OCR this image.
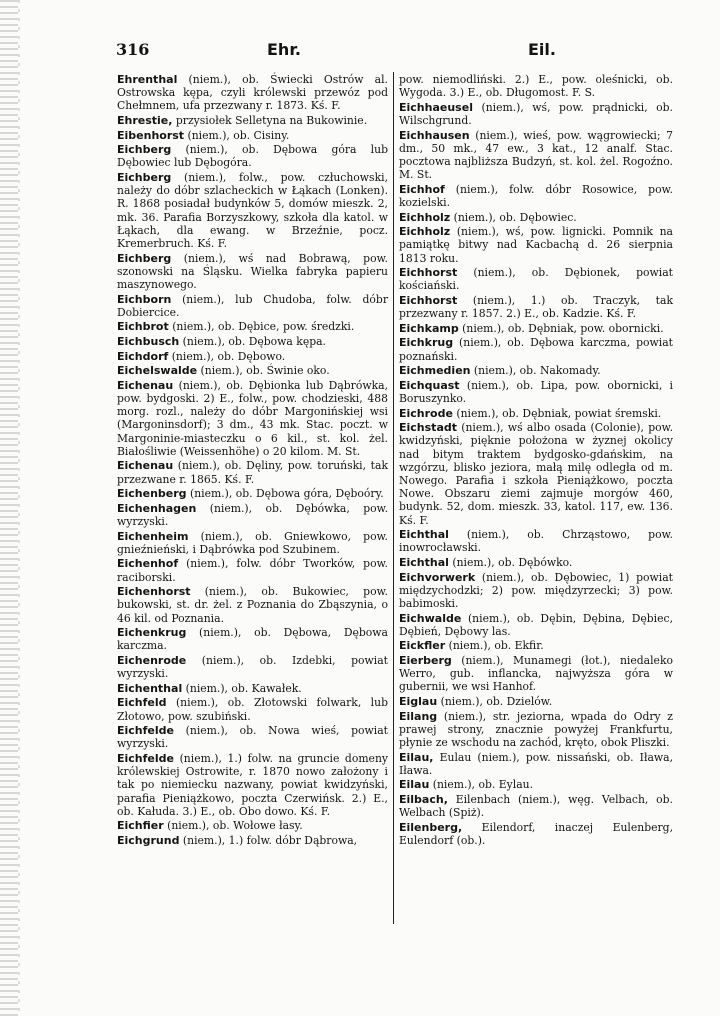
316	Ehr.	Eil.
Ehrenthal (niem.), ob. Świecki Ostrów al. Ostrowska kępa, czyli królewski przewóz pod Chełmnem, ufa przezwany r. 1873. Kś. F.
Ehrestie, przysiołek Selletyna na Bukowinie.
Eibenhorst (niem.), ob. Cisiny.
Eichberg (niem.), ob. Dębowa góra lub Dębowiec lub Dębogóra.
Eichberg (niem.), folw., pow. człuchowski, należy do dóbr szlacheckich w Łąkach (Lonken). R. 1868 posiadał budynków 5, domów mieszk. 2, mk. 36. Parafia Borzyszkowy, szkoła dla katol. w Łąkach, dla ewang. w Brzeźnie, pocz. Kremerbruch. Kś. F.
Eichberg (niem.), wś nad Bobrawą, pow. szonowski na Śląsku. Wielka fabryka papieru maszynowego.
Eichborn (niem.), lub Chudoba, folw. dóbr Dobiercice.
Eichbrot (niem.), ob. Dębice, pow. średzki.
Eichbusch (niem.), ob. Dębowa kępa.
Eichdorf (niem.), ob. Dębowo.
Eichelswalde (niem.), ob. Świnie oko.
Eichenau (niem.), ob. Dębionka lub Dąbrówka, pow. bydgoski. 2) E., folw., pow. chodzieski, 488 morg. rozl., należy do dóbr Margonińskiej wsi (Margoninsdorf); 3 dm., 43 mk. Stac. poczt. w Margoninie-miasteczku o 6 kil., st. kol. żel. Białośliwie (Weissenhöhe) o 20 kilom. M. St.
Eichenau (niem.), ob. Dęliny, pow. toruński, tak przezwane r. 1865. Kś. F.
Eichenberg (niem.), ob. Dębowa góra, Dęboóry.
Eichenhagen (niem.), ob. Dębówka, pow. wyrzyski.
Eichenheim (niem.), ob. Gniewkowo, pow. gnieźnieński, i Dąbrówka pod Szubinem.
Eichenhof (niem.), folw. dóbr Tworków, pow. raciborski.
Eichenhorst (niem.), ob. Bukowiec, pow. bukowski, st. dr. żel. z Poznania do Zbąszynia, o 46 kil. od Poznania.
Eichenkrug (niem.), ob. Dębowa, Dębowa karczma.
Eichenrode (niem.), ob. Izdebki, powiat wyrzyski.
Eichenthal (niem.), ob. Kawałek.
Eichfeld (niem.), ob. Złotowski folwark, lub Złotowo, pow. szubiński.
Eichfelde (niem.), ob. Nowa wieś, powiat wyrzyski.
Eichfelde (niem.), 1.) folw. na gruncie domeny królewskiej Ostrowite, r. 1870 nowo założony i tak po niemiecku nazwany, powiat kwidzyński, parafia Pieniążkowo, poczta Czerwińsk. 2.) E., ob. Kałuda. 3.) E., ob. Obo dowo. Kś. F.
Eichfier (niem.), ob. Wołowe łasy.
Eichgrund (niem.), 1.) folw. dóbr Dąbrowa,
pow. niemodliński. 2.) E., pow. oleśnicki, ob. Wygoda. 3.) E., ob. Długomost. F. S.
Eichhaeusel (niem.), wś, pow. prądnicki, ob. Wilschgrund.
Eichhausen (niem.), wieś, pow. wągrowiecki; 7 dm., 50 mk., 47 ew., 3 kat., 12 analf. Stac. pocztowa najbliższa Budzyń, st. kol. żel. Rogoźno. M. St.
Eichhof (niem.), folw. dóbr Rosowice, pow. kozielski.
Eichholz (niem.), ob. Dębowiec.
Eichholz (niem.), wś, pow. lignicki. Pomnik na pamiątkę bitwy nad Kacbachą d. 26 sierpnia 1813 roku.
Eichhorst (niem.), ob. Dębionek, powiat kościański.
Eichhorst (niem.), 1.) ob. Traczyk, tak przezwany r. 1857. 2.) E., ob. Kadzie. Kś. F.
Eichkamp (niem.), ob. Dębniak, pow. obornicki.
Eichkrug (niem.), ob. Dębowa karczma, powiat poznański.
Eichmedien (niem.), ob. Nakomady.
Eichquast (niem.), ob. Lipa, pow. obornicki, i Boruszynko.
Eichrode (niem.), ob. Dębniak, powiat śremski.
Eichstadt (niem.), wś albo osada (Colonie), pow. kwidzyński, pięknie położona w żyznej okolicy nad bitym traktem bydgosko-gdańskim, na wzgórzu, blisko jeziora, małą milę odległa od m. Nowego. Parafia i szkoła Pieniążkowo, poczta Nowe. Obszaru ziemi zajmuje morgów 460, budynk. 52, dom. mieszk. 33, katol. 117, ew. 136. Kś. F.
Eichthal (niem.), ob. Chrząstowo, pow. inowrocławski.
Eichthal (niem.), ob. Dębówko.
Eichvorwerk (niem.), ob. Dębowiec, 1) powiat międzychodzki; 2) pow. międzyrzecki; 3) pow. babimoski.
Eichwalde (niem.), ob. Dębin, Dębina, Dębiec, Dębień, Dębowy las.
Eickfler (niem.), ob. Ekfir.
Eierberg (niem.), Munamegi (łot.), niedaleko Werro, gub. inflancka, najwyższa góra w gubernii, we wsi Hanhof.
Eiglau (niem.), ob. Dzielów.
Eilang (niem.), str. jeziorna, wpada do Odry z prawej strony, znacznie powyżej Frankfurtu, płynie ze wschodu na zachód, kręto, obok Pliszki.
Eilau, Eulau (niem.), pow. nissański, ob. Iława, Iława.
Eilau (niem.), ob. Eylau.
Eilbach, Eilenbach (niem.), węg. Velbach, ob. Welbach (Spiż).
Eilenberg, Eilendorf, inaczej Eulenberg, Eulendorf (ob.).
